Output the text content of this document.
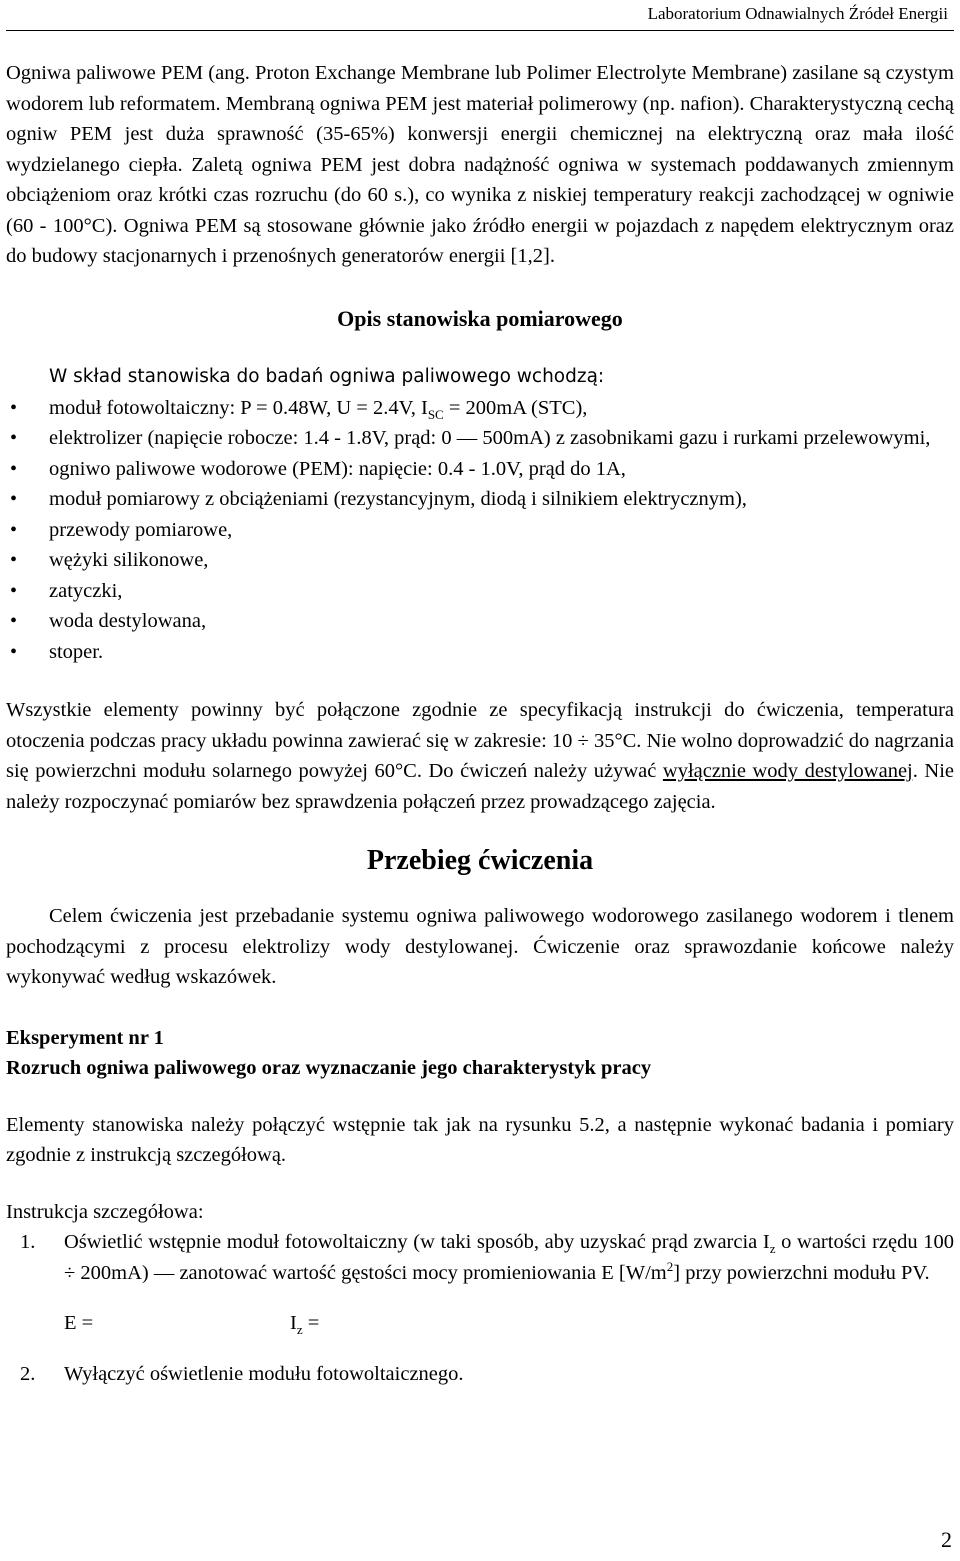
Laboratorium Odnawialnych Źródeł Energii

Ogniwa paliwowe PEM (ang. Proton Exchange Membrane lub Polimer Electrolyte Membrane) zasilane są czystym wodorem lub reformatem. Membraną ogniwa PEM jest materiał polimerowy (np. nafion). Charakterystyczną cechą ogniw PEM jest duża sprawność (35-65%) konwersji energii chemicznej na elektryczną oraz mała ilość wydzielanego ciepła. Zaletą ogniwa PEM jest dobra nadążność ogniwa w systemach poddawanych zmiennym obciążeniom oraz krótki czas rozruchu (do 60 s.), co wynika z niskiej temperatury reakcji zachodzącej w ogniwie (60 - 100°C). Ogniwa PEM są stosowane głównie jako źródło energii w pojazdach z napędem elektrycznym oraz do budowy stacjonarnych i przenośnych generatorów energii [1,2].

Opis stanowiska pomiarowego

W skład stanowiska do badań ogniwa paliwowego wchodzą:

• moduł fotowoltaiczny: P = 0.48W, U = 2.4V, $I_{SC} = 200mA$ (STC),
• elektrolizer (napięcie robocze: 1.4 - 1.8V, prąd: 0 — 500mA) z zasobnikami gazu i rurkami przelewowymi,
• ogniwo paliwowe wodorowe (PEM): napięcie: 0.4 - 1.0V, prąd do 1A,
• moduł pomiarowy z obciążeniami (rezystancyjnym, diodą i silnikiem elektrycznym),
• przewody pomiarowe,
• wężyki silikonowe,
• zatyczki,
• woda destylowana,
• stoper.

Wszystkie elementy powinny być połączone zgodnie ze specyfikacją instrukcji do ćwiczenia, temperatura otoczenia podczas pracy układu powinna zawierać się w zakresie: 10 ÷ 35°C. Nie wolno doprowadzić do nagrzania się powierzchni modułu solarnego powyżej 60°C. Do ćwiczeń należy używać wyłącznie wody destylowanej. Nie należy rozpoczynać pomiarów bez sprawdzenia połączeń przez prowadzącego zajęcia.

Przebieg ćwiczenia

Celem ćwiczenia jest przebadanie systemu ogniwa paliwowego wodorowego zasilanego wodorem i tlenem pochodzącymi z procesu elektrolizy wody destylowanej. Ćwiczenie oraz sprawozdanie końcowe należy wykonywać według wskazówek.

Eksperyment nr 1
Rozruch ogniwa paliwowego oraz wyznaczanie jego charakterystyk pracy

Elementy stanowiska należy połączyć wstępnie tak jak na rysunku 5.2, a następnie wykonać badania i pomiary zgodnie z instrukcją szczegółową.

Instrukcja szczegółowa:
1. Oświetlić wstępnie moduł fotowoltaiczny (w taki sposób, aby uzyskać prąd zwarcia $I_z$ o wartości rzędu 100 ÷ 200mA) — zanotować wartość gęstości mocy promieniowania E $[W/m^2]$ przy powierzchni modułu PV.
E =	$I_z$ =
2. Wyłączyć oświetlenie modułu fotowoltaicznego.
2
